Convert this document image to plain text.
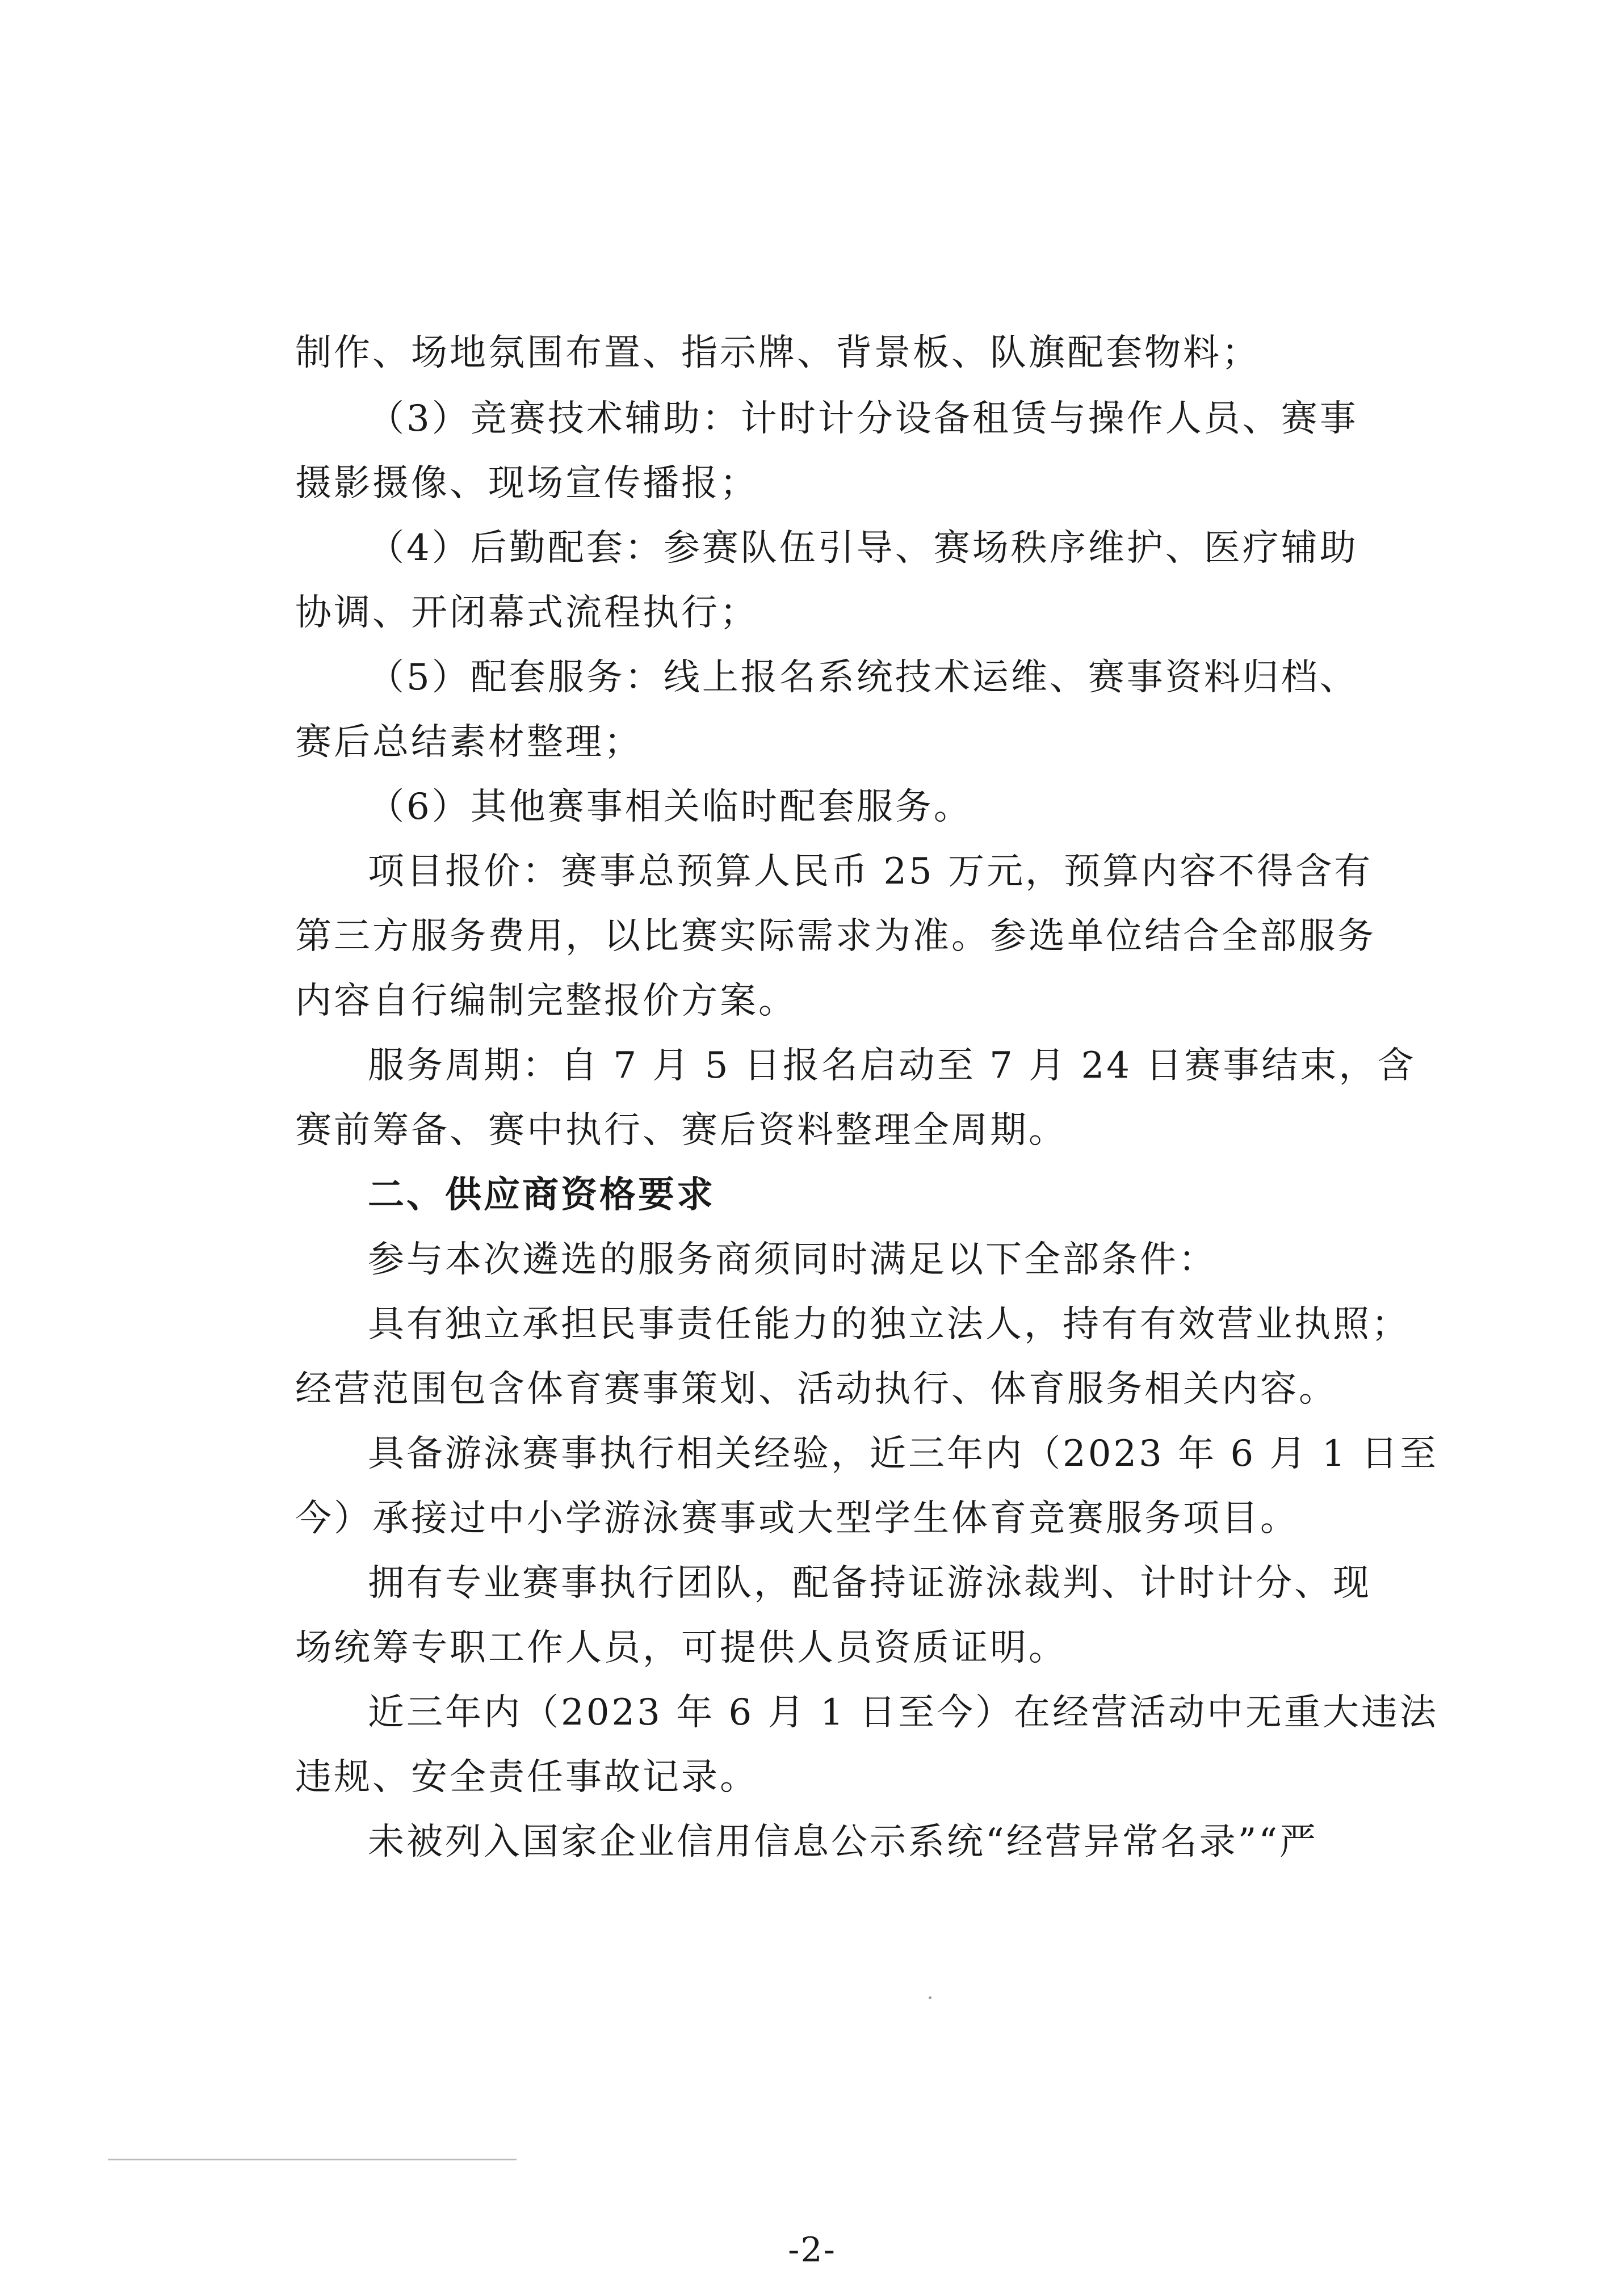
制作、场地氛围布置、指示牌、背景板、队旗配套物料；
（3）竞赛技术辅助：计时计分设备租赁与操作人员、赛事
摄影摄像、现场宣传播报；
（4）后勤配套：参赛队伍引导、赛场秩序维护、医疗辅助
协调、开闭幕式流程执行；
（5）配套服务：线上报名系统技术运维、赛事资料归档、
赛后总结素材整理；
（6）其他赛事相关临时配套服务。
项目报价：赛事总预算人民币 25 万元，预算内容不得含有
第三方服务费用，以比赛实际需求为准。参选单位结合全部服务
内容自行编制完整报价方案。
服务周期：自 7 月 5 日报名启动至 7 月 24 日赛事结束，含
赛前筹备、赛中执行、赛后资料整理全周期。
二、供应商资格要求
参与本次遴选的服务商须同时满足以下全部条件：
具有独立承担民事责任能力的独立法人，持有有效营业执照；
经营范围包含体育赛事策划、活动执行、体育服务相关内容。
具备游泳赛事执行相关经验，近三年内（2023 年 6 月 1 日至
今）承接过中小学游泳赛事或大型学生体育竞赛服务项目。
拥有专业赛事执行团队，配备持证游泳裁判、计时计分、现
场统筹专职工作人员，可提供人员资质证明。
近三年内（2023 年 6 月 1 日至今）在经营活动中无重大违法
违规、安全责任事故记录。
未被列入国家企业信用信息公示系统“经营异常名录”“严
-2-
